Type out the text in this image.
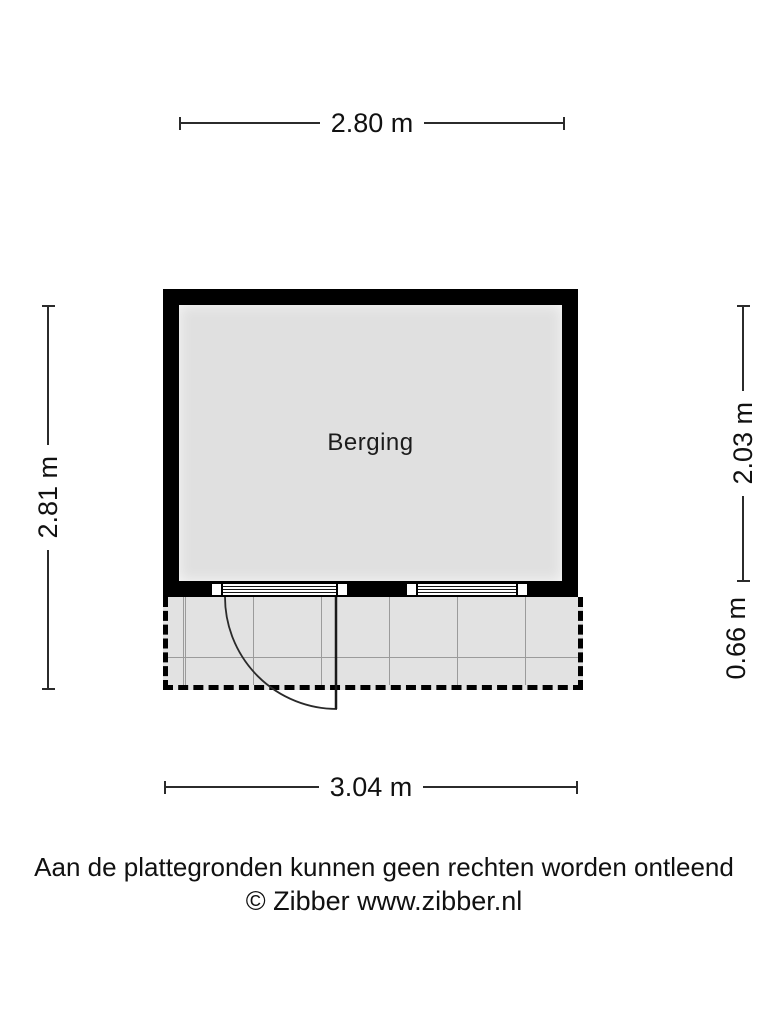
2.80 m
2.81 m
2.03 m
0.66 m
3.04 m
Berging
Aan de plattegronden kunnen geen rechten worden ontleend
© Zibber www.zibber.nl
